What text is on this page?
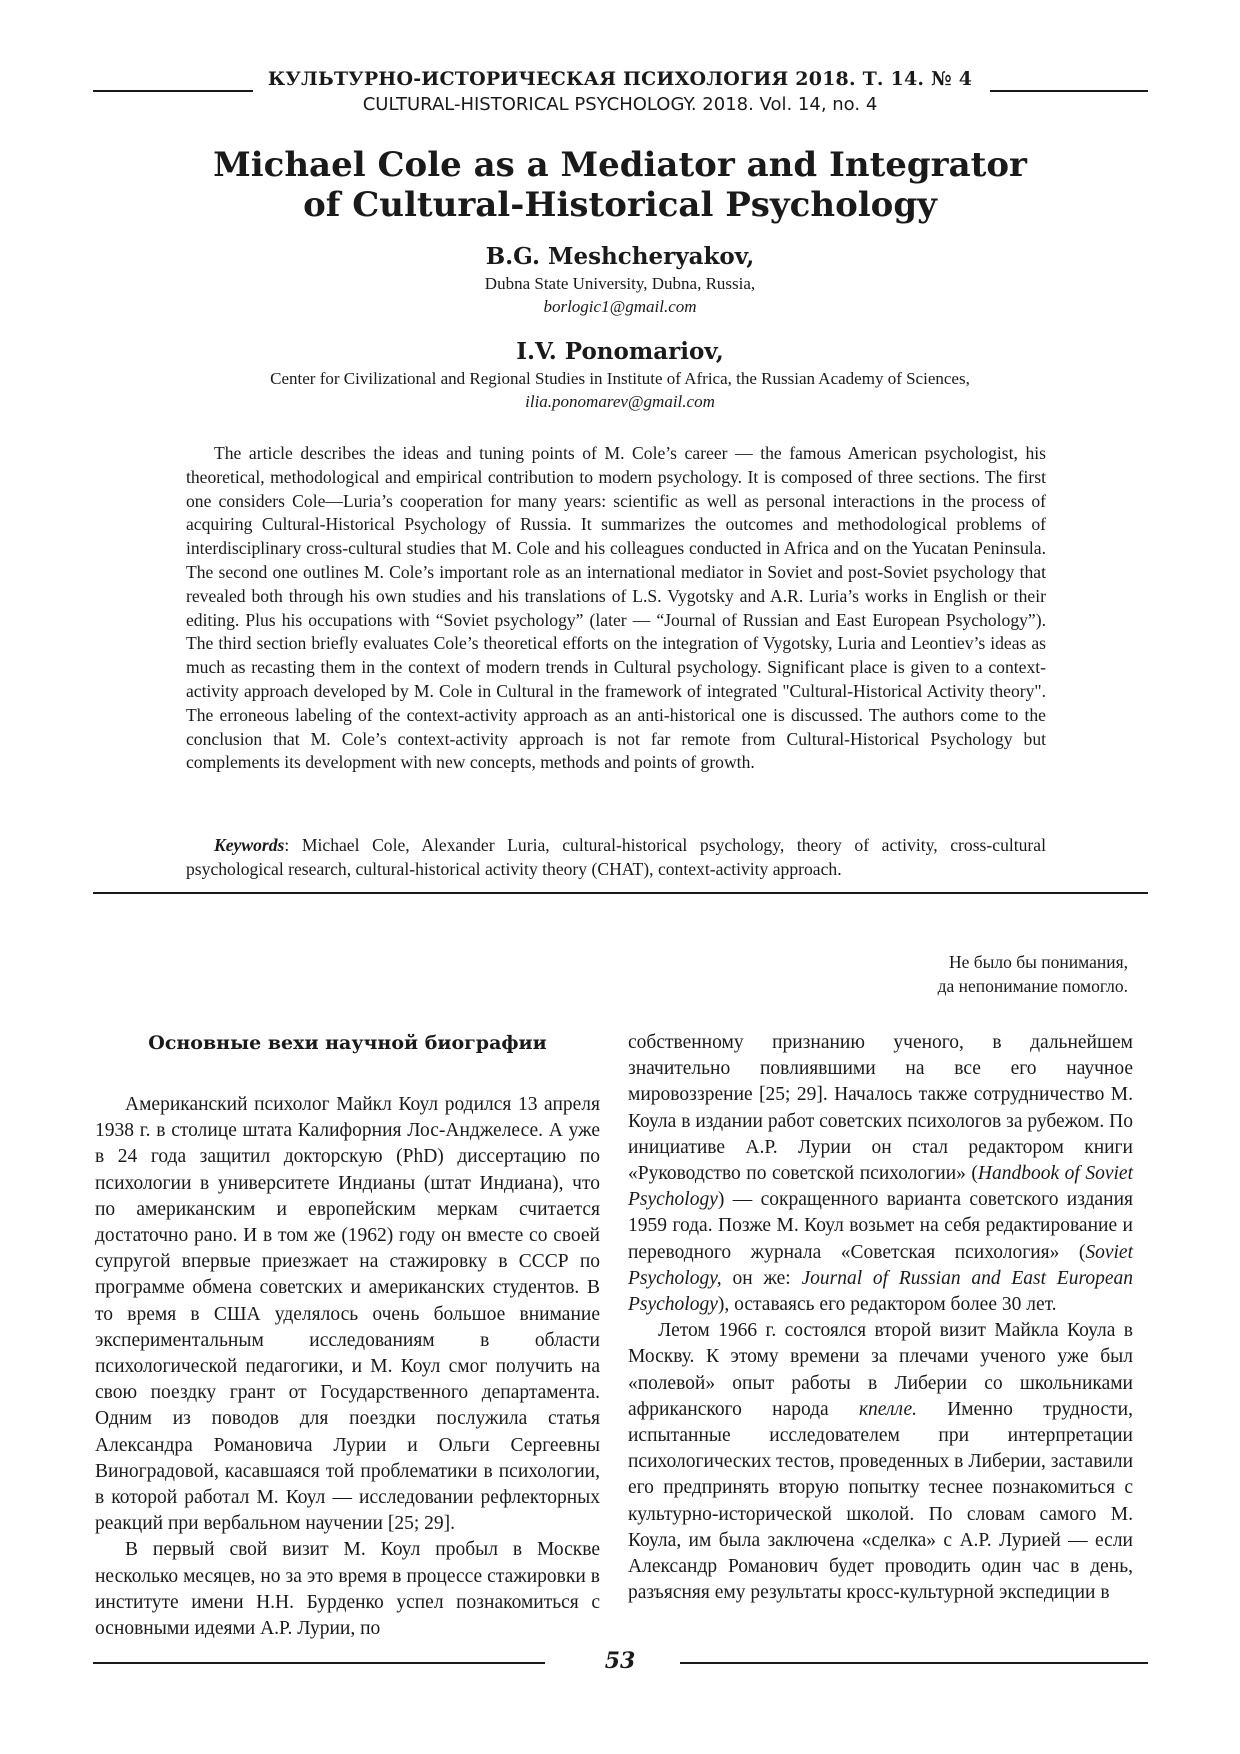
КУЛЬТУРНО-ИСТОРИЧЕСКАЯ ПСИХОЛОГИЯ 2018. Т. 14. № 4
CULTURAL-HISTORICAL PSYCHOLOGY. 2018. Vol. 14, no. 4
Michael Cole as a Mediator and Integrator
of Cultural-Historical Psychology
B.G. Meshcheryakov,
Dubna State University, Dubna, Russia,
borlogic1@gmail.com
I.V. Ponomariov,
Center for Civilizational and Regional Studies in Institute of Africa, the Russian Academy of Sciences,
ilia.ponomarev@gmail.com

The article describes the ideas and tuning points of M. Cole’s career — the famous American psychologist, his theoretical, methodological and empirical contribution to modern psychology. It is composed of three sections. The first one considers Cole—Luria’s cooperation for many years: scientific as well as personal interactions in the process of acquiring Cultural-Historical Psychology of Russia. It summarizes the outcomes and methodological problems of interdisciplinary cross-cultural studies that M. Cole and his colleagues conducted in Africa and on the Yucatan Peninsula. The second one outlines M. Cole’s important role as an international mediator in Soviet and post-Soviet psychology that revealed both through his own studies and his translations of L.S. Vygotsky and A.R. Luria’s works in English or their editing. Plus his occupations with “Soviet psychology” (later — “Journal of Russian and East European Psychology”). The third section briefly evaluates Cole’s theoretical efforts on the integration of Vygotsky, Luria and Leontiev’s ideas as much as recasting them in the context of modern trends in Cultural psychology. Significant place is given to a context-activity approach developed by M. Cole in Cultural in the framework of integrated "Cultural-Historical Activity theory". The erroneous labeling of the context-activity approach as an anti-historical one is discussed. The authors come to the conclusion that M. Cole’s context-activity approach is not far remote from Cultural-Historical Psychology but complements its development with new concepts, methods and points of growth.

Keywords: Michael Cole, Alexander Luria, cultural-historical psychology, theory of activity, cross-cultural psychological research, cultural-historical activity theory (CHAT), context-activity approach.

Не было бы понимания,
да непонимание помогло.
Основные вехи научной биографии

Американский психолог Майкл Коул родился 13 апреля 1938 г. в столице штата Калифорния Лос-Анджелесе. А уже в 24 года защитил докторскую (PhD) диссертацию по психологии в университете Индианы (штат Индиана), что по американским и европейским меркам считается достаточно рано. И в том же (1962) году он вместе со своей супругой впервые приезжает на стажировку в СССР по программе обмена советских и американских студентов. В то время в США уделялось очень большое внимание экспериментальным исследованиям в области психологической педагогики, и М. Коул смог получить на свою поездку грант от Государственного департамента. Одним из поводов для поездки послужила статья Александра Романовича Лурии и Ольги Сергеевны Виноградовой, касавшаяся той проблематики в психологии, в которой работал М. Коул — исследовании рефлекторных реакций при вербальном научении [25; 29].

В первый свой визит М. Коул пробыл в Москве несколько месяцев, но за это время в процессе стажировки в институте имени Н.Н. Бурденко успел познакомиться с основными идеями А.Р. Лурии, по

собственному признанию ученого, в дальнейшем значительно повлиявшими на все его научное мировоззрение [25; 29]. Началось также сотрудничество М. Коула в издании работ советских психологов за рубежом. По инициативе А.Р. Лурии он стал редактором книги «Руководство по советской психологии» (Handbook of Soviet Psychology) — сокращенного варианта советского издания 1959 года. Позже М. Коул возьмет на себя редактирование и переводного журнала «Советская психология» (Soviet Psychology, он же: Journal of Russian and East European Psychology), оставаясь его редактором более 30 лет.

Летом 1966 г. состоялся второй визит Майкла Коула в Москву. К этому времени за плечами ученого уже был «полевой» опыт работы в Либерии со школьниками африканского народа кпелле. Именно трудности, испытанные исследователем при интерпретации психологических тестов, проведенных в Либерии, заставили его предпринять вторую попытку теснее познакомиться с культурно-исторической школой. По словам самого М. Коула, им была заключена «сделка» с А.Р. Лурией — если Александр Романович будет проводить один час в день, разъясняя ему результаты кросс-культурной экспедиции в

53
